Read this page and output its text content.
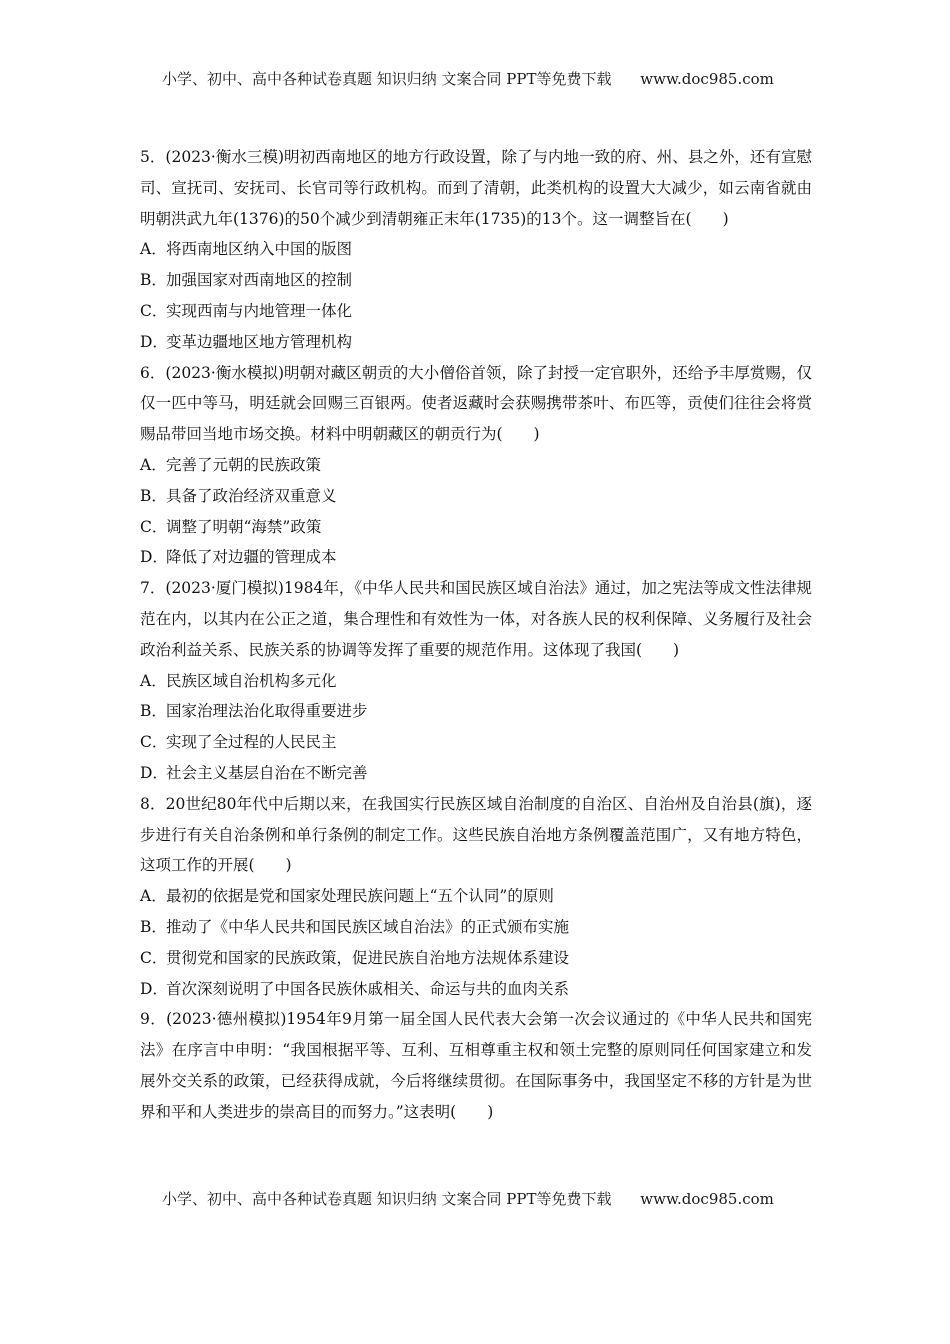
小学、初中、高中各种试卷真题 知识归纳 文案合同 PPT等免费下载 www.doc985.com

5．(2023·衡水三模)明初西南地区的地方行政设置，除了与内地一致的府、州、县之外，还有宣慰司、宣抚司、安抚司、长官司等行政机构。而到了清朝，此类机构的设置大大减少，如云南省就由明朝洪武九年(1376)的50个减少到清朝雍正末年(1735)的13个。这一调整旨在(　　)

A．将西南地区纳入中国的版图

B．加强国家对西南地区的控制

C．实现西南与内地管理一体化

D．变革边疆地区地方管理机构

6．(2023·衡水模拟)明朝对藏区朝贡的大小僧俗首领，除了封授一定官职外，还给予丰厚赏赐，仅仅一匹中等马，明廷就会回赐三百银两。使者返藏时会获赐携带茶叶、布匹等，贡使们往往会将赏赐品带回当地市场交换。材料中明朝藏区的朝贡行为(　　)

A．完善了元朝的民族政策

B．具备了政治经济双重意义

C．调整了明朝“海禁”政策

D．降低了对边疆的管理成本

7．(2023·厦门模拟)1984年，《中华人民共和国民族区域自治法》通过，加之宪法等成文性法律规范在内，以其内在公正之道，集合理性和有效性为一体，对各族人民的权利保障、义务履行及社会政治利益关系、民族关系的协调等发挥了重要的规范作用。这体现了我国(　　)

A．民族区域自治机构多元化

B．国家治理法治化取得重要进步

C．实现了全过程的人民民主

D．社会主义基层自治在不断完善

8．20世纪80年代中后期以来，在我国实行民族区域自治制度的自治区、自治州及自治县(旗)，逐步进行有关自治条例和单行条例的制定工作。这些民族自治地方条例覆盖范围广，又有地方特色，这项工作的开展(　　)

A．最初的依据是党和国家处理民族问题上“五个认同”的原则

B．推动了《中华人民共和国民族区域自治法》的正式颁布实施

C．贯彻党和国家的民族政策，促进民族自治地方法规体系建设

D．首次深刻说明了中国各民族休戚相关、命运与共的血肉关系

9．(2023·德州模拟)1954年9月第一届全国人民代表大会第一次会议通过的《中华人民共和国宪法》在序言中申明：“我国根据平等、互利、互相尊重主权和领土完整的原则同任何国家建立和发展外交关系的政策，已经获得成就，今后将继续贯彻。在国际事务中，我国坚定不移的方针是为世界和平和人类进步的崇高目的而努力。”这表明(　　)

小学、初中、高中各种试卷真题 知识归纳 文案合同 PPT等免费下载 www.doc985.com
